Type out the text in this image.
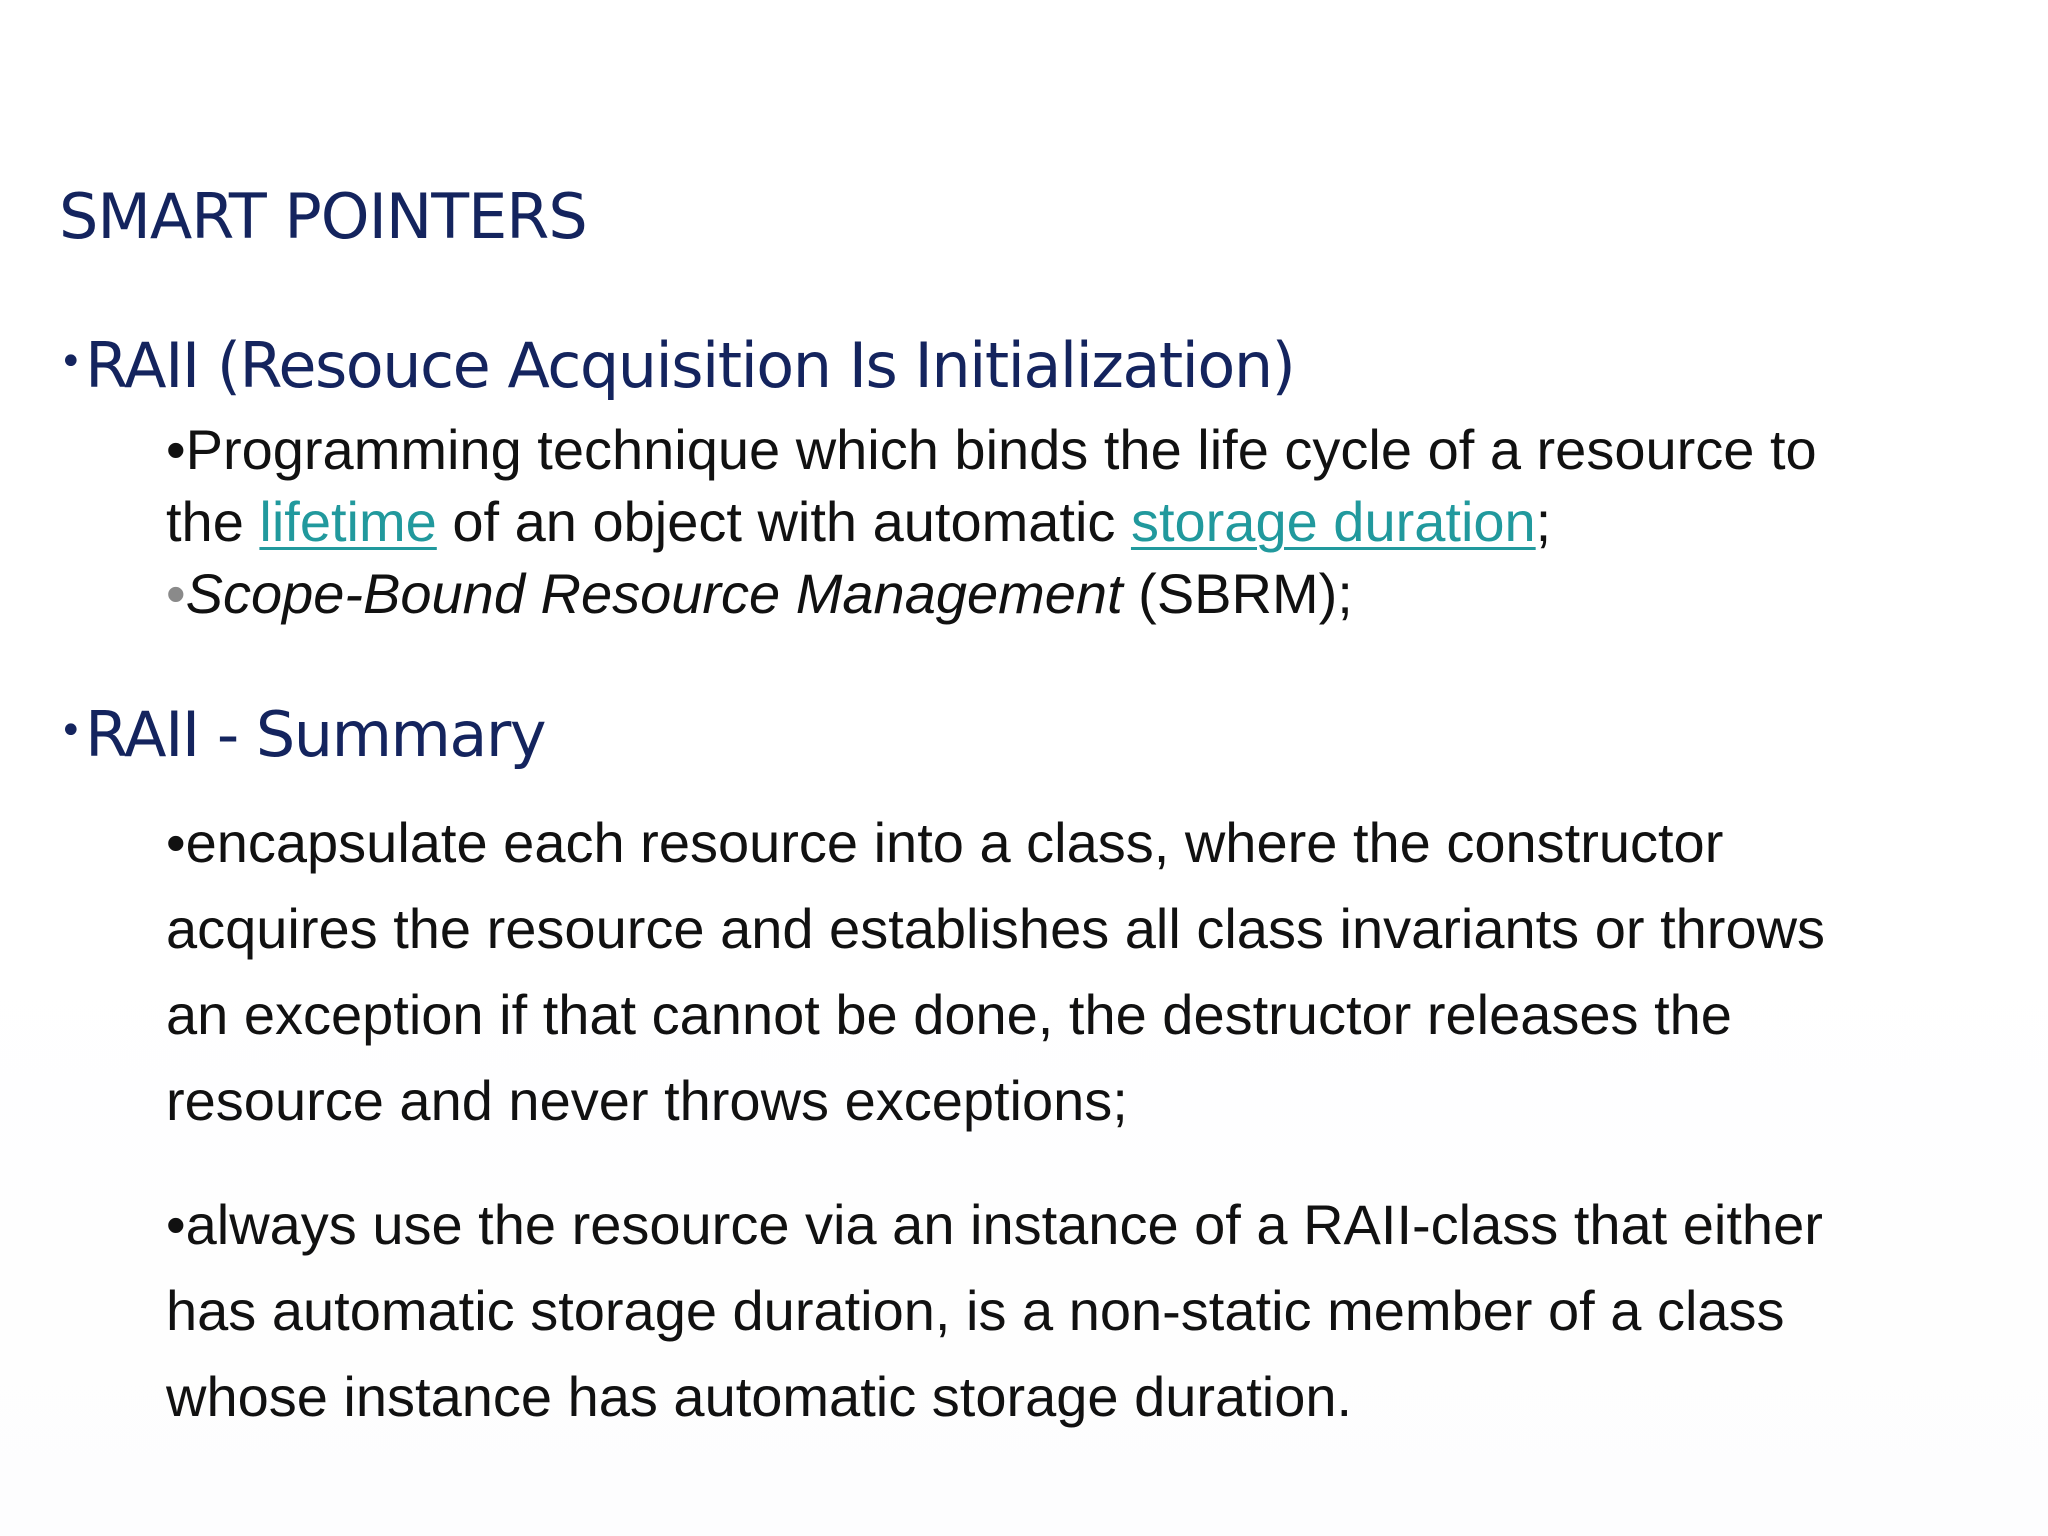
SMART POINTERS
•RAII (Resouce Acquisition Is Initialization)
•Programming technique which binds the life cycle of a resource to
the lifetime of an object with automatic storage duration;
•Scope-Bound Resource Management (SBRM);
•RAII - Summary
•encapsulate each resource into a class, where the constructor
acquires the resource and establishes all class invariants or throws
an exception if that cannot be done, the destructor releases the
resource and never throws exceptions;
•always use the resource via an instance of a RAII-class that either
has automatic storage duration, is a non-static member of a class
whose instance has automatic storage duration.
